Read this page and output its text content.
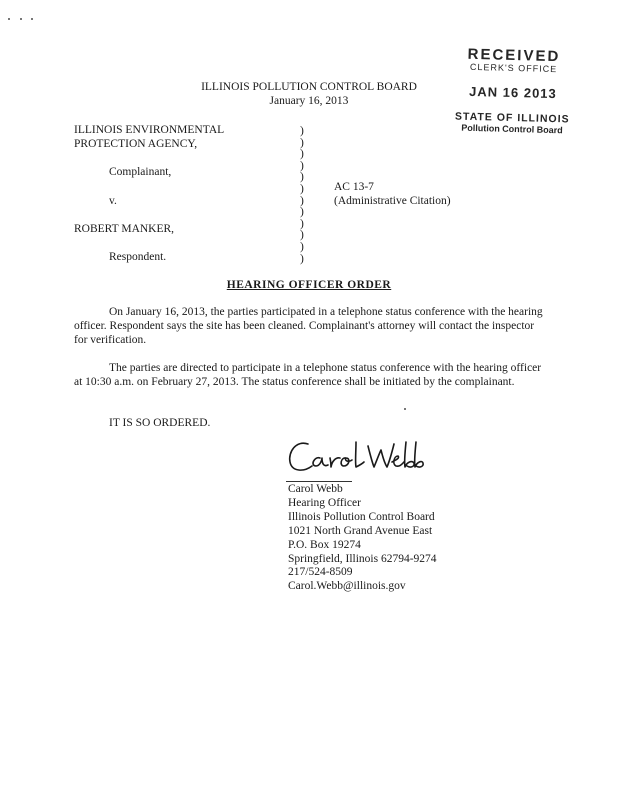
RECEIVED
CLERK'S OFFICE
JAN 16 2013
STATE OF ILLINOIS
Pollution Control Board
ILLINOIS POLLUTION CONTROL BOARD
January 16, 2013
ILLINOIS ENVIRONMENTAL
PROTECTION AGENCY,
Complainant,
v.
ROBERT MANKER,
Respondent.
)
)
)
)
)
)
)
)
)
)
)
)
AC 13-7
(Administrative Citation)
HEARING OFFICER ORDER
On January 16, 2013, the parties participated in a telephone status conference with the hearing officer. Respondent says the site has been cleaned. Complainant's attorney will contact the inspector for verification.
The parties are directed to participate in a telephone status conference with the hearing officer at 10:30 a.m. on February 27, 2013. The status conference shall be initiated by the complainant.
IT IS SO ORDERED.
Carol Webb
Hearing Officer
Illinois Pollution Control Board
1021 North Grand Avenue East
P.O. Box 19274
Springfield, Illinois 62794-9274
217/524-8509
Carol.Webb@illinois.gov
